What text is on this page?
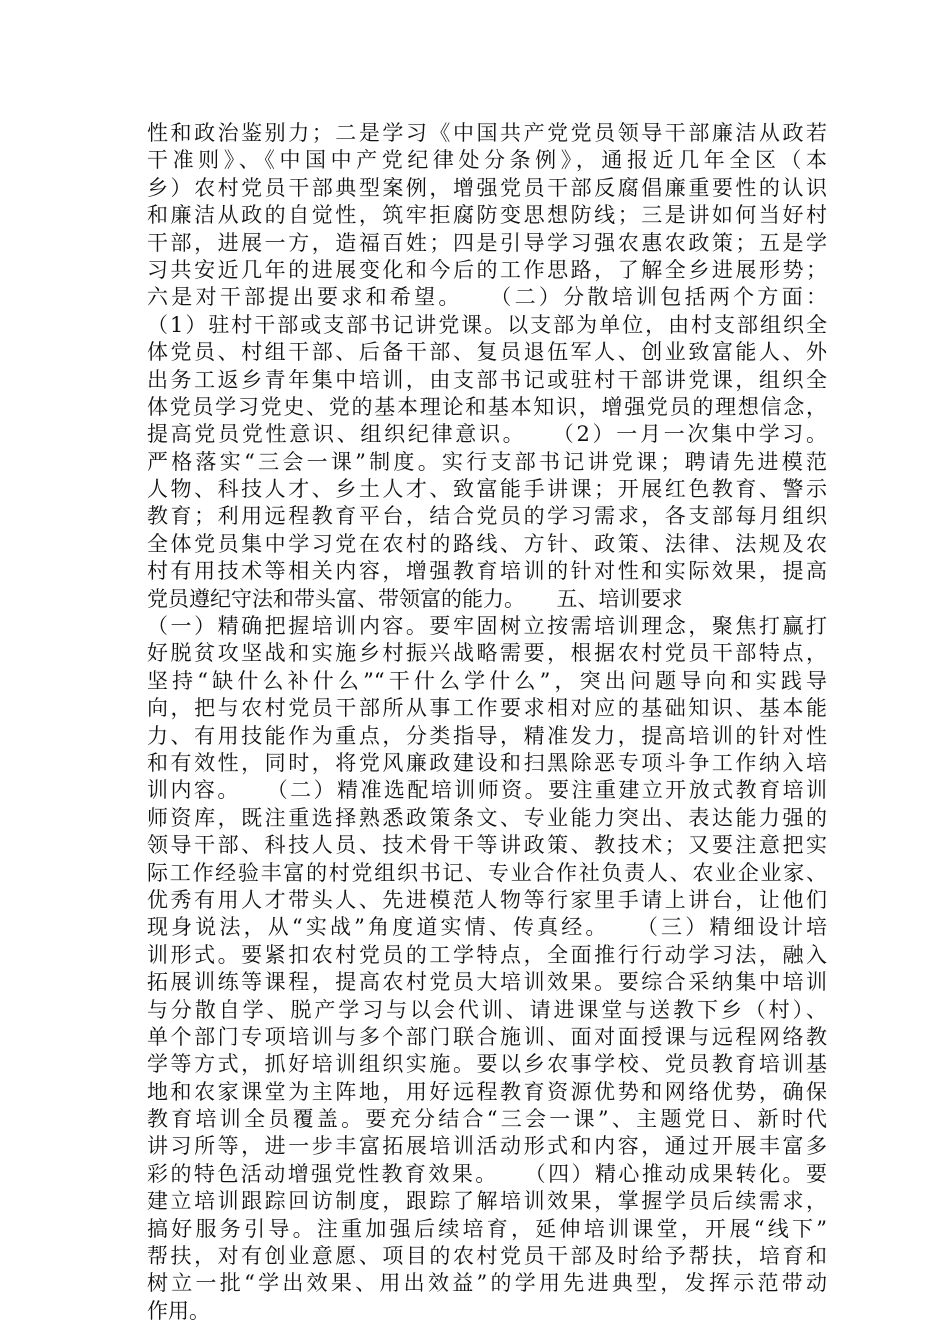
性和政治鉴别力；二是学习《中国共产党党员领导干部廉洁从政若
干准则》、《中国中产党纪律处分条例》，通报近几年全区（本
乡）农村党员干部典型案例，增强党员干部反腐倡廉重要性的认识
和廉洁从政的自觉性，筑牢拒腐防变思想防线；三是讲如何当好村
干部，进展一方，造福百姓；四是引导学习强农惠农政策；五是学
习共安近几年的进展变化和今后的工作思路，了解全乡进展形势；
六是对干部提出要求和希望。　　（二）分散培训包括两个方面：
（1）驻村干部或支部书记讲党课。以支部为单位，由村支部组织全
体党员、村组干部、后备干部、复员退伍军人、创业致富能人、外
出务工返乡青年集中培训，由支部书记或驻村干部讲党课，组织全
体党员学习党史、党的基本理论和基本知识，增强党员的理想信念，
提高党员党性意识、组织纪律意识。　　（2）一月一次集中学习。
严格落实“三会一课”制度。实行支部书记讲党课；聘请先进模范
人物、科技人才、乡土人才、致富能手讲课；开展红色教育、警示
教育；利用远程教育平台，结合党员的学习需求，各支部每月组织
全体党员集中学习党在农村的路线、方针、政策、法律、法规及农
村有用技术等相关内容，增强教育培训的针对性和实际效果，提高
党员遵纪守法和带头富、带领富的能力。　　五、培训要求
（一）精确把握培训内容。要牢固树立按需培训理念，聚焦打赢打
好脱贫攻坚战和实施乡村振兴战略需要，根据农村党员干部特点，
坚持“缺什么补什么”“干什么学什么”，突出问题导向和实践导
向，把与农村党员干部所从事工作要求相对应的基础知识、基本能
力、有用技能作为重点，分类指导，精准发力，提高培训的针对性
和有效性，同时，将党风廉政建设和扫黑除恶专项斗争工作纳入培
训内容。　　（二）精准选配培训师资。要注重建立开放式教育培训
师资库，既注重选择熟悉政策条文、专业能力突出、表达能力强的
领导干部、科技人员、技术骨干等讲政策、教技术；又要注意把实
际工作经验丰富的村党组织书记、专业合作社负责人、农业企业家、
优秀有用人才带头人、先进模范人物等行家里手请上讲台，让他们
现身说法，从“实战”角度道实情、传真经。　　（三）精细设计培
训形式。要紧扣农村党员的工学特点，全面推行行动学习法，融入
拓展训练等课程，提高农村党员大培训效果。要综合采纳集中培训
与分散自学、脱产学习与以会代训、请进课堂与送教下乡（村）、
单个部门专项培训与多个部门联合施训、面对面授课与远程网络教
学等方式，抓好培训组织实施。要以乡农事学校、党员教育培训基
地和农家课堂为主阵地，用好远程教育资源优势和网络优势，确保
教育培训全员覆盖。要充分结合“三会一课”、主题党日、新时代
讲习所等，进一步丰富拓展培训活动形式和内容，通过开展丰富多
彩的特色活动增强党性教育效果。　　（四）精心推动成果转化。要
建立培训跟踪回访制度，跟踪了解培训效果，掌握学员后续需求，
搞好服务引导。注重加强后续培育，延伸培训课堂，开展“线下”
帮扶，对有创业意愿、项目的农村党员干部及时给予帮扶，培育和
树立一批“学出效果、用出效益”的学用先进典型，发挥示范带动
作用。
